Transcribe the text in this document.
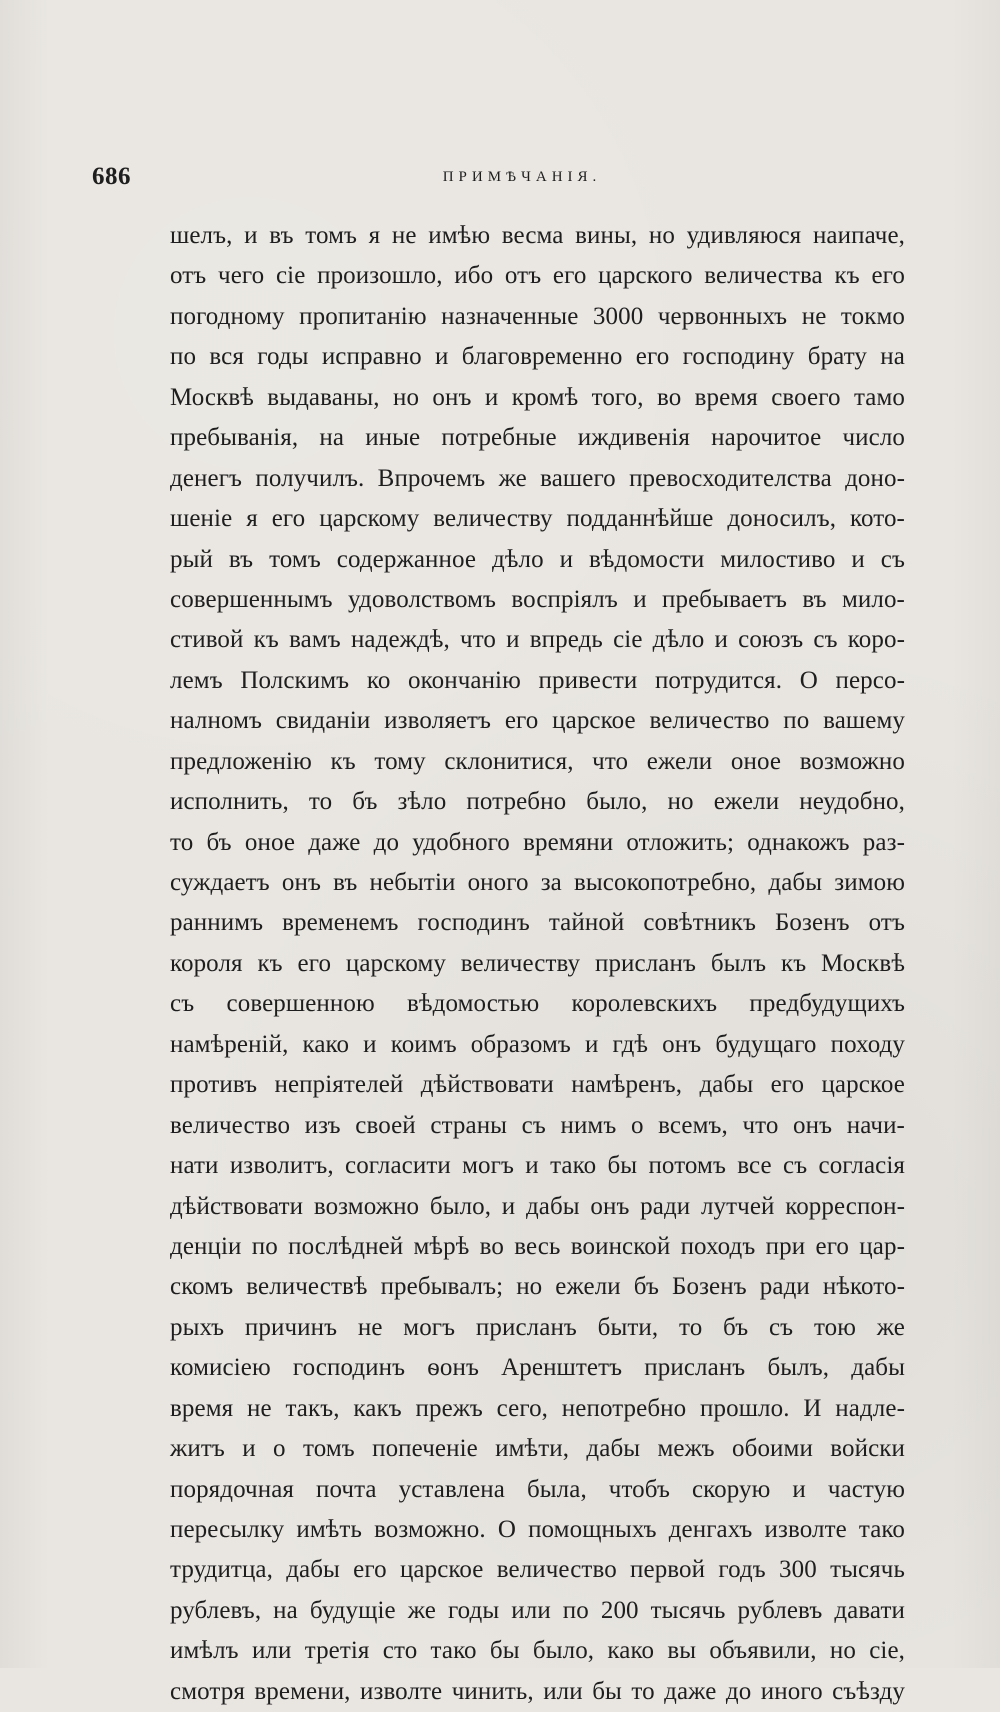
686	ПРИМѢЧАНІЯ.
шелъ, и въ томъ я не имѣю весма вины, но удивляюся наипаче,
отъ чего сіе произошло, ибо отъ его царского величества къ его
погодному пропитанію назначенные 3000 червонныхъ не токмо
по вся годы исправно и благовременно его господину брату на
Москвѣ выдаваны, но онъ и кромѣ того, во время своего тамо
пребыванія, на иные потребные иждивенія нарочитое число
денегъ получилъ. Впрочемъ же вашего превосходителства доно-
шеніе я его царскому величеству подданнѣйше доносилъ, кото-
рый въ томъ содержанное дѣло и вѣдомости милостиво и съ
совершеннымъ удоволствомъ воспріялъ и пребываетъ въ мило-
стивой къ вамъ надеждѣ, что и впредь сіе дѣло и союзъ съ коро-
лемъ Полскимъ ко окончанію привести потрудится. О персо-
налномъ свиданіи изволяетъ его царское величество по вашему
предложенію къ тому склонитися, что ежели оное возможно
исполнить, то бъ зѣло потребно было, но ежели неудобно,
то бъ оное даже до удобного времяни отложить; однакожъ раз-
суждаетъ онъ въ небытіи оного за высокопотребно, дабы зимою
раннимъ временемъ господинъ тайной совѣтникъ Бозенъ отъ
короля къ его царскому величеству присланъ былъ къ Москвѣ
съ совершенною вѣдомостью королевскихъ предбудущихъ
намѣреній, како и коимъ образомъ и гдѣ онъ будущаго походу
противъ непріятелей дѣйствовати намѣренъ, дабы его царское
величество изъ своей страны съ нимъ о всемъ, что онъ начи-
нати изволитъ, согласити могъ и тако бы потомъ все съ согласія
дѣйствовати возможно было, и дабы онъ ради лутчей корреспон-
денціи по послѣдней мѣрѣ во весь воинской походъ при его цар-
скомъ величествѣ пребывалъ; но ежели бъ Бозенъ ради нѣкото-
рыхъ причинъ не могъ присланъ быти, то бъ съ тою же
комисіею господинъ ѳонъ Аренштетъ присланъ былъ, дабы
время не такъ, какъ прежъ сего, непотребно прошло. И надле-
житъ и о томъ попеченіе имѣти, дабы межъ обоими войски
порядочная почта уставлена была, чтобъ скорую и частую
пересылку имѣть возможно. О помощныхъ денгахъ изволте тако
трудитца, дабы его царское величество первой годъ 300 тысячь
рублевъ, на будущіе же годы или по 200 тысячь рублевъ давати
имѣлъ или третія сто тако бы было, како вы объявили, но сіе,
смотря времени, изволте чинить, или бы то даже до иного съѣзду
